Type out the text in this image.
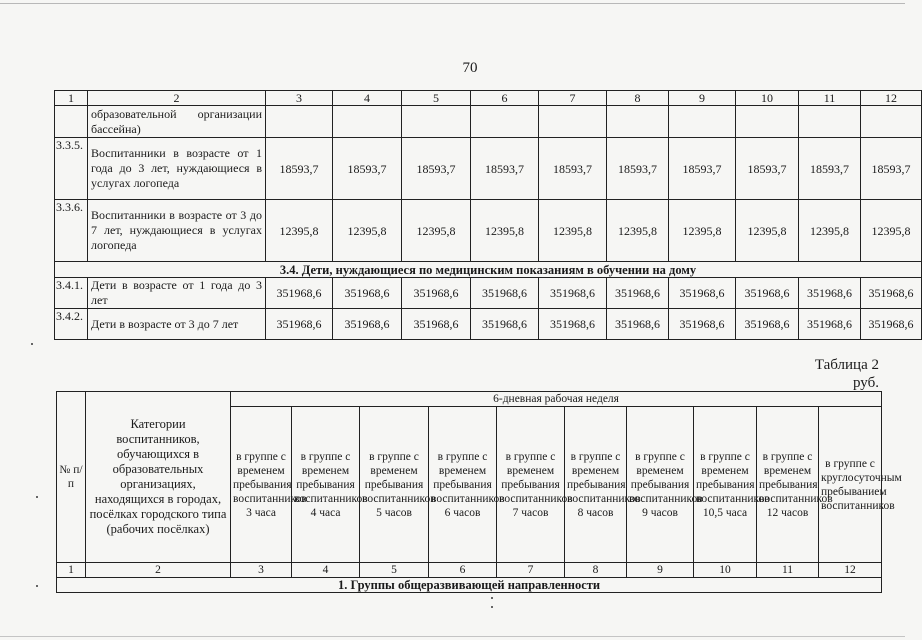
70
1	2	3	4	5	6	7	8	9	10	11	12
	образовательной организации бассейна)										
3.3.5.	Воспитанники в возрасте от 1 года до 3 лет, нуждающиеся в услугах логопеда	18593,7	18593,7	18593,7	18593,7	18593,7	18593,7	18593,7	18593,7	18593,7	18593,7
3.3.6.	Воспитанники в возрасте от 3 до 7 лет, нуждающиеся в услугах логопеда	12395,8	12395,8	12395,8	12395,8	12395,8	12395,8	12395,8	12395,8	12395,8	12395,8
3.4. Дети, нуждающиеся по медицинским показаниям в обучении на дому											
3.4.1.	Дети в возрасте от 1 года до 3 лет	351968,6	351968,6	351968,6	351968,6	351968,6	351968,6	351968,6	351968,6	351968,6	351968,6
3.4.2.	Дети в возрасте от 3 до 7 лет	351968,6	351968,6	351968,6	351968,6	351968,6	351968,6	351968,6	351968,6	351968,6	351968,6
Таблица 2
руб.
№ п/п	Категории воспитанников, обучающихся в образовательных организациях, находящихся в городах, посёлках городского типа (рабочих посёлках)	6-дневная рабочая неделя									
		в группе с временем пребывания воспитанников 3 часа	в группе с временем пребывания воспитанников 4 часа	в группе с временем пребывания воспитанников 5 часов	в группе с временем пребывания воспитанников 6 часов	в группе с временем пребывания воспитанников 7 часов	в группе с временем пребывания воспитанников 8 часов	в группе с временем пребывания воспитанников 9 часов	в группе с временем пребывания воспитанников 10,5 часа	в группе с временем пребывания воспитанников 12 часов	в группе с круглосуточным пребыванием воспитанников
1	2	3	4	5	6	7	8	9	10	11	12
1. Группы общеразвивающей направленности											
